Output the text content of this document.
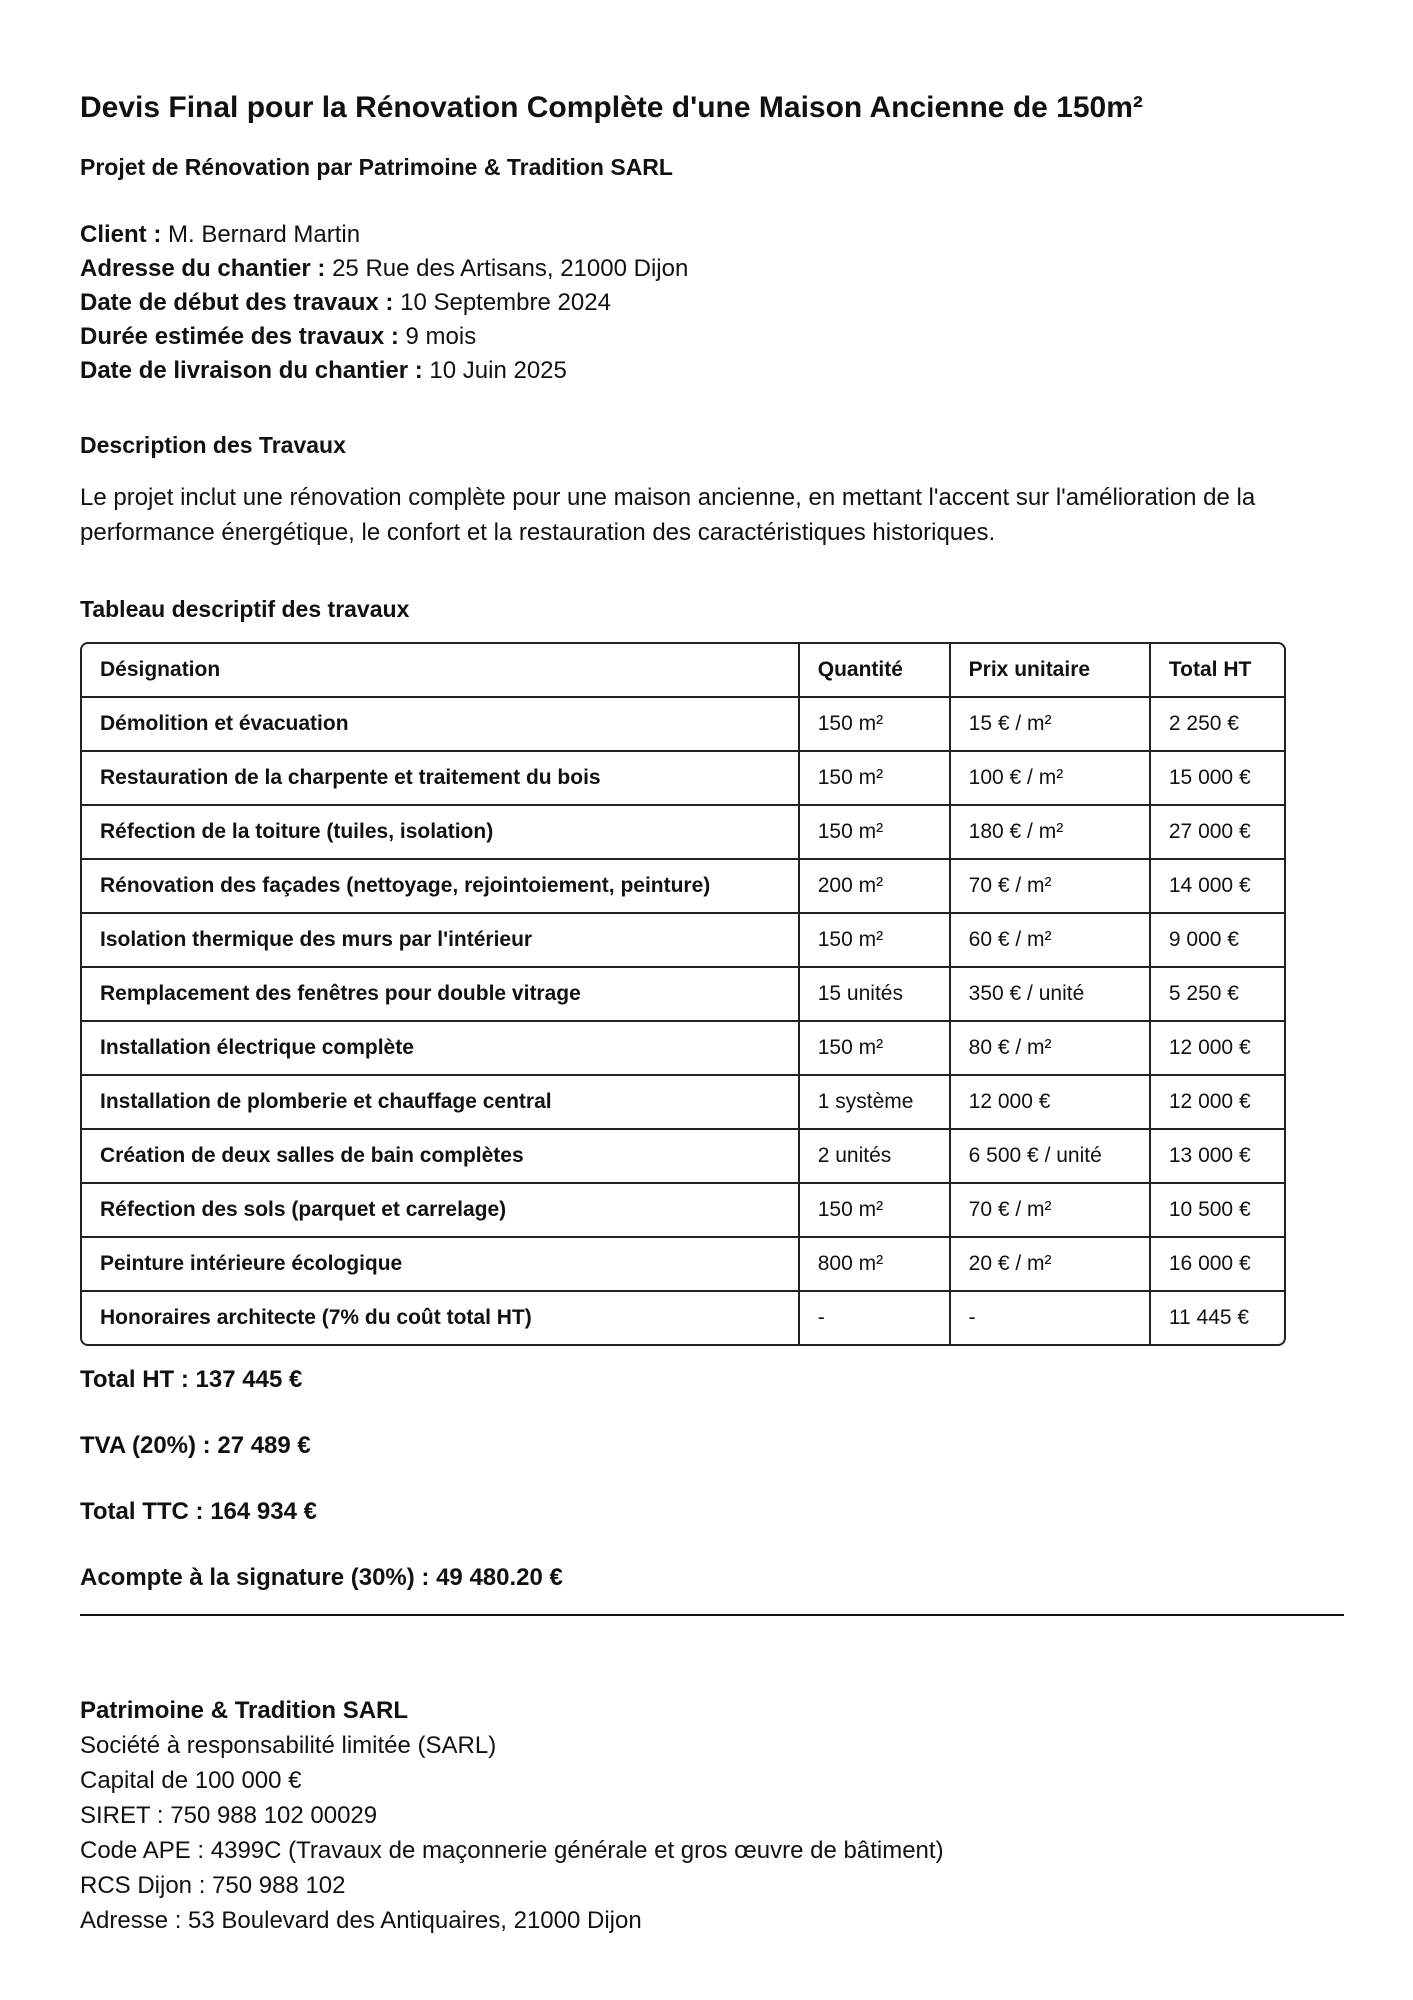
Devis Final pour la Rénovation Complète d'une Maison Ancienne de 150m²
Projet de Rénovation par Patrimoine & Tradition SARL
Client : M. Bernard Martin
Adresse du chantier : 25 Rue des Artisans, 21000 Dijon
Date de début des travaux : 10 Septembre 2024
Durée estimée des travaux : 9 mois
Date de livraison du chantier : 10 Juin 2025
Description des Travaux
Le projet inclut une rénovation complète pour une maison ancienne, en mettant l'accent sur l'amélioration de la performance énergétique, le confort et la restauration des caractéristiques historiques.
Tableau descriptif des travaux
Désignation	Quantité	Prix unitaire	Total HT
Démolition et évacuation	150 m²	15 € / m²	2 250 €
Restauration de la charpente et traitement du bois	150 m²	100 € / m²	15 000 €
Réfection de la toiture (tuiles, isolation)	150 m²	180 € / m²	27 000 €
Rénovation des façades (nettoyage, rejointoiement, peinture)	200 m²	70 € / m²	14 000 €
Isolation thermique des murs par l'intérieur	150 m²	60 € / m²	9 000 €
Remplacement des fenêtres pour double vitrage	15 unités	350 € / unité	5 250 €
Installation électrique complète	150 m²	80 € / m²	12 000 €
Installation de plomberie et chauffage central	1 système	12 000 €	12 000 €
Création de deux salles de bain complètes	2 unités	6 500 € / unité	13 000 €
Réfection des sols (parquet et carrelage)	150 m²	70 € / m²	10 500 €
Peinture intérieure écologique	800 m²	20 € / m²	16 000 €
Honoraires architecte (7% du coût total HT)	-	-	11 445 €
Total HT : 137 445 €
TVA (20%) : 27 489 €
Total TTC : 164 934 €
Acompte à la signature (30%) : 49 480.20 €
Patrimoine & Tradition SARL
Société à responsabilité limitée (SARL)
Capital de 100 000 €
SIRET : 750 988 102 00029
Code APE : 4399C (Travaux de maçonnerie générale et gros œuvre de bâtiment)
RCS Dijon : 750 988 102
Adresse : 53 Boulevard des Antiquaires, 21000 Dijon
